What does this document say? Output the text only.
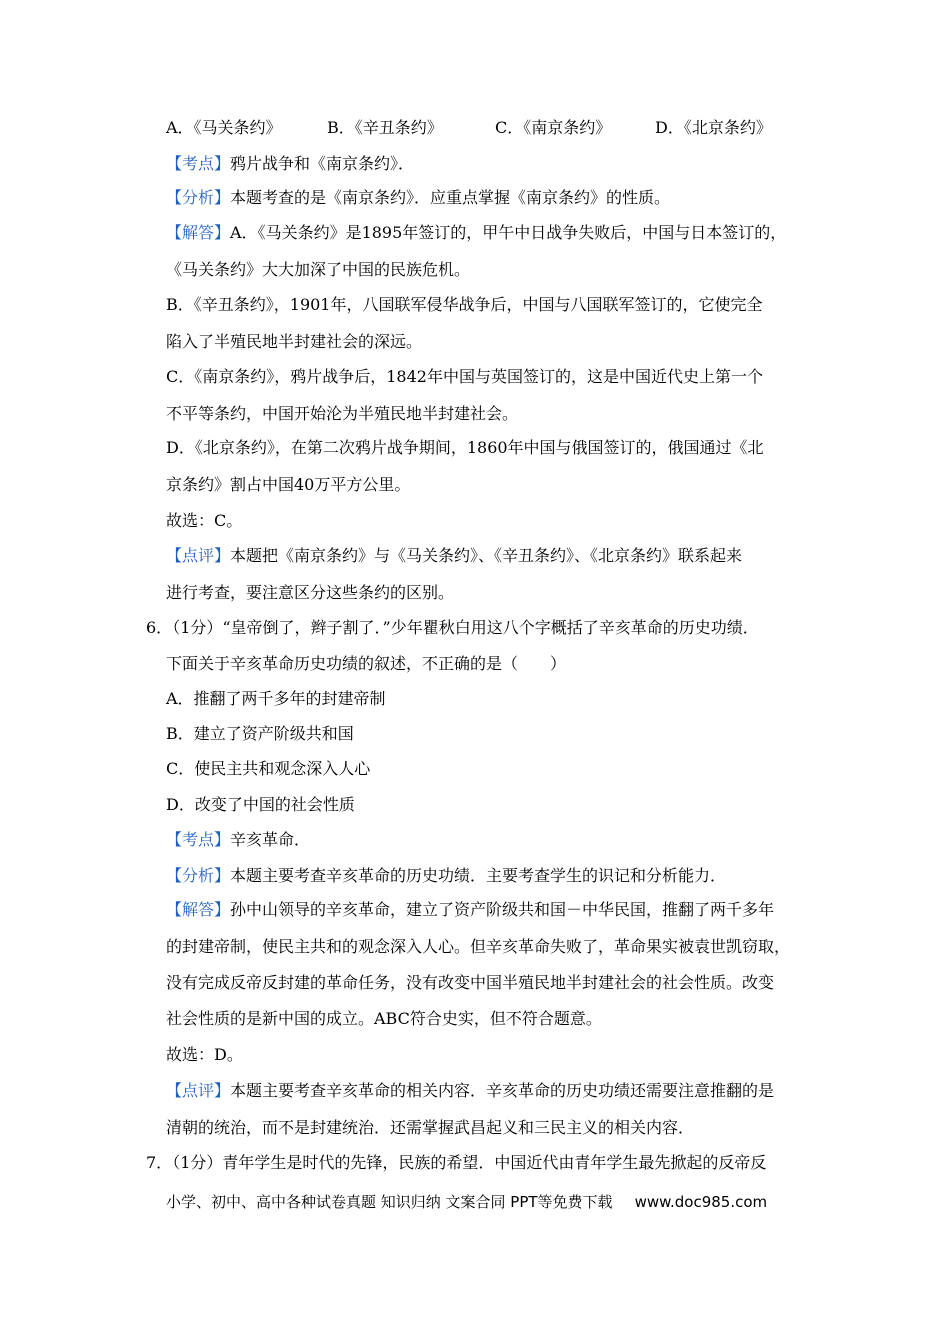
A．《马关条约》	B．《辛丑条约》	C．《南京条约》	D．《北京条约》
【考点】鸦片战争和《南京条约》．
【分析】本题考查的是《南京条约》．应重点掌握《南京条约》的性质。
【解答】A．《马关条约》是1895年签订的，甲午中日战争失败后，中国与日本签订的，
《马关条约》大大加深了中国的民族危机。
B．《辛丑条约》，1901年，八国联军侵华战争后，中国与八国联军签订的，它使完全
陷入了半殖民地半封建社会的深远。
C．《南京条约》，鸦片战争后，1842年中国与英国签订的，这是中国近代史上第一个
不平等条约，中国开始沦为半殖民地半封建社会。
D．《北京条约》，在第二次鸦片战争期间，1860年中国与俄国签订的，俄国通过《北
京条约》割占中国40万平方公里。
故选：C。
【点评】本题把《南京条约》与《马关条约》、《辛丑条约》、《北京条约》联系起来
进行考查，要注意区分这些条约的区别。
6．（1分）“皇帝倒了，辫子割了．”少年瞿秋白用这八个字概括了辛亥革命的历史功绩．
下面关于辛亥革命历史功绩的叙述，不正确的是（　　）
A．推翻了两千多年的封建帝制
B．建立了资产阶级共和国
C．使民主共和观念深入人心
D．改变了中国的社会性质
【考点】辛亥革命．
【分析】本题主要考查辛亥革命的历史功绩．主要考查学生的识记和分析能力．
【解答】孙中山领导的辛亥革命，建立了资产阶级共和国－中华民国，推翻了两千多年
的封建帝制，使民主共和的观念深入人心。但辛亥革命失败了，革命果实被袁世凯窃取，
没有完成反帝反封建的革命任务，没有改变中国半殖民地半封建社会的社会性质。改变
社会性质的是新中国的成立。ABC符合史实，但不符合题意。
故选：D。
【点评】本题主要考查辛亥革命的相关内容．辛亥革命的历史功绩还需要注意推翻的是
清朝的统治，而不是封建统治．还需掌握武昌起义和三民主义的相关内容．
7．（1分）青年学生是时代的先锋，民族的希望．中国近代由青年学生最先掀起的反帝反
小学、初中、高中各种试卷真题 知识归纳 文案合同 PPT等免费下载 www.doc985.com
